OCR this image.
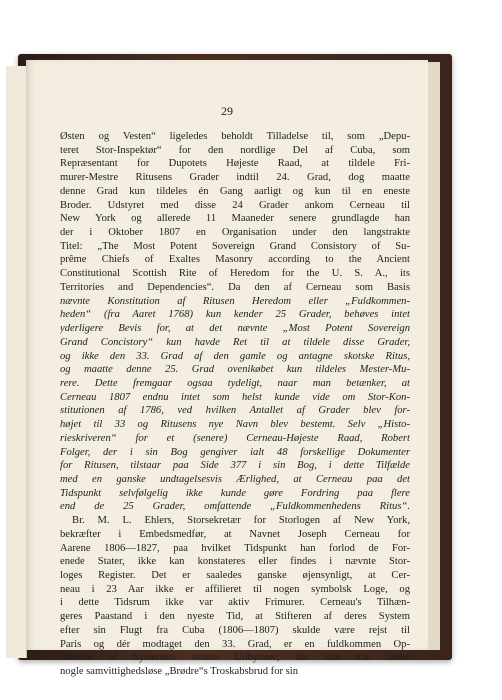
29
Østen og Vesten“ ligeledes beholdt Tilladelse til, som „Depu-
teret Stor-Inspektør“ for den nordlige Del af Cuba, som
Repræsentant for Dupotets Højeste Raad, at tildele Fri-
murer-Mestre Ritusens Grader indtil 24. Grad, dog maatte
denne Grad kun tildeles én Gang aarligt og kun til en eneste
Broder. Udstyret med disse 24 Grader ankom Cerneau til
New York og allerede 11 Maaneder senere grundlagde han
der i Oktober 1807 en Organisation under den langstrakte
Titel: „The Most Potent Sovereign Grand Consistory of Su-
prême Chiefs of Exaltes Masonry according to the Ancient
Constitutional Scottish Rite of Heredom for the U. S. A., its
Territories and Dependencies“. Da den af Cerneau som Basis
nævnte Konstitution af Ritusen Heredom eller „Fuldkommen-
heden“ (fra Aaret 1768) kun kender 25 Grader, behøves intet
yderligere Bevis for, at det nævnte „Most Potent Sovereign
Grand Concistory“ kun havde Ret til at tildele disse Grader,
og ikke den 33. Grad af den gamle og antagne skotske Ritus,
og maatte denne 25. Grad ovenikøbet kun tildeles Mester-Mu-
rere. Dette fremgaar ogsaa tydeligt, naar man betænker, at
Cerneau 1807 endnu intet som helst kunde vide om Stor-Kon-
stitutionen af 1786, ved hvilken Antallet af Grader blev for-
højet til 33 og Ritusens nye Navn blev bestemt. Selv „Histo-
rieskriveren“ for et (senere) Cerneau-Højeste Raad, Robert
Folger, der i sin Bog gengiver ialt 48 forskellige Dokumenter
for Ritusen, tilstaar paa Side 377 i sin Bog, i dette Tilfælde
med en ganske undtagelsesvis Ærlighed, at Cerneau paa det
Tidspunkt selvfølgelig ikke kunde gøre Fordring paa flere
end de 25 Grader, omfattende „Fuldkommenhedens Ritus“.
Br. M. L. Ehlers, Storsekretær for Storlogen af New York,
bekræfter i Embedsmedfør, at Navnet Joseph Cerneau for
Aarene 1806—1827, paa hvilket Tidspunkt han forlod de For-
enede Stater, ikke kan konstateres eller findes i nævnte Stor-
loges Register. Det er saaledes ganske øjensynligt, at Cer-
neau i 23 Aar ikke er affilieret til nogen symbolsk Loge, og
i dette Tidsrum ikke var aktiv Frimurer. Cerneau's Tilhæn-
geres Paastand i den nyeste Tid, at Stifteren af deres System
efter sin Flugt fra Cuba (1806—1807) skulde være rejst til
Paris og dér modtaget den 33. Grad, er en fuldkommen Op-
findelse af Systemets senere Udbyttere, der kun kan takke
nogle samvittighedsløse „Brødre“s Troskabsbrud for sin
